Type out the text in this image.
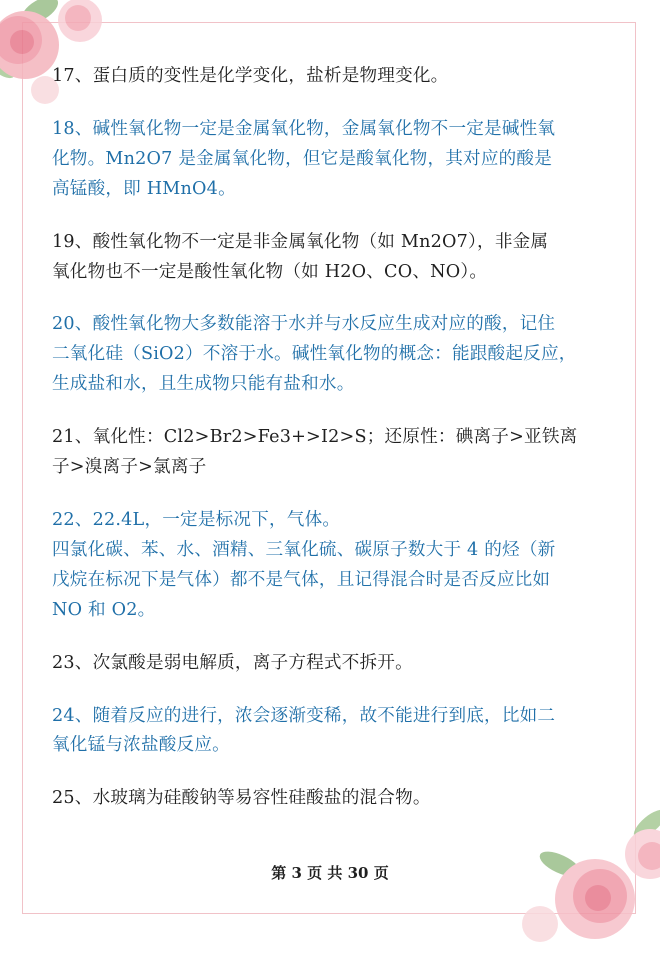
17、蛋白质的变性是化学变化，盐析是物理变化。

18、碱性氧化物一定是金属氧化物，金属氧化物不一定是碱性氧
化物。Mn2O7 是金属氧化物，但它是酸氧化物，其对应的酸是
高锰酸，即 HMnO4。

19、酸性氧化物不一定是非金属氧化物（如 Mn2O7），非金属
氧化物也不一定是酸性氧化物（如 H2O、CO、NO）。

20、酸性氧化物大多数能溶于水并与水反应生成对应的酸，记住
二氧化硅（SiO2）不溶于水。碱性氧化物的概念：能跟酸起反应，
生成盐和水，且生成物只能有盐和水。

21、氧化性：Cl2>Br2>Fe3+>I2>S；还原性：碘离子>亚铁离
子>溴离子>氯离子

22、22.4L，一定是标况下，气体。
四氯化碳、苯、水、酒精、三氧化硫、碳原子数大于 4 的烃（新
戊烷在标况下是气体）都不是气体，且记得混合时是否反应比如
NO 和 O2。

23、次氯酸是弱电解质，离子方程式不拆开。

24、随着反应的进行，浓会逐渐变稀，故不能进行到底，比如二
氧化锰与浓盐酸反应。

25、水玻璃为硅酸钠等易容性硅酸盐的混合物。

第 3 页 共 30 页
